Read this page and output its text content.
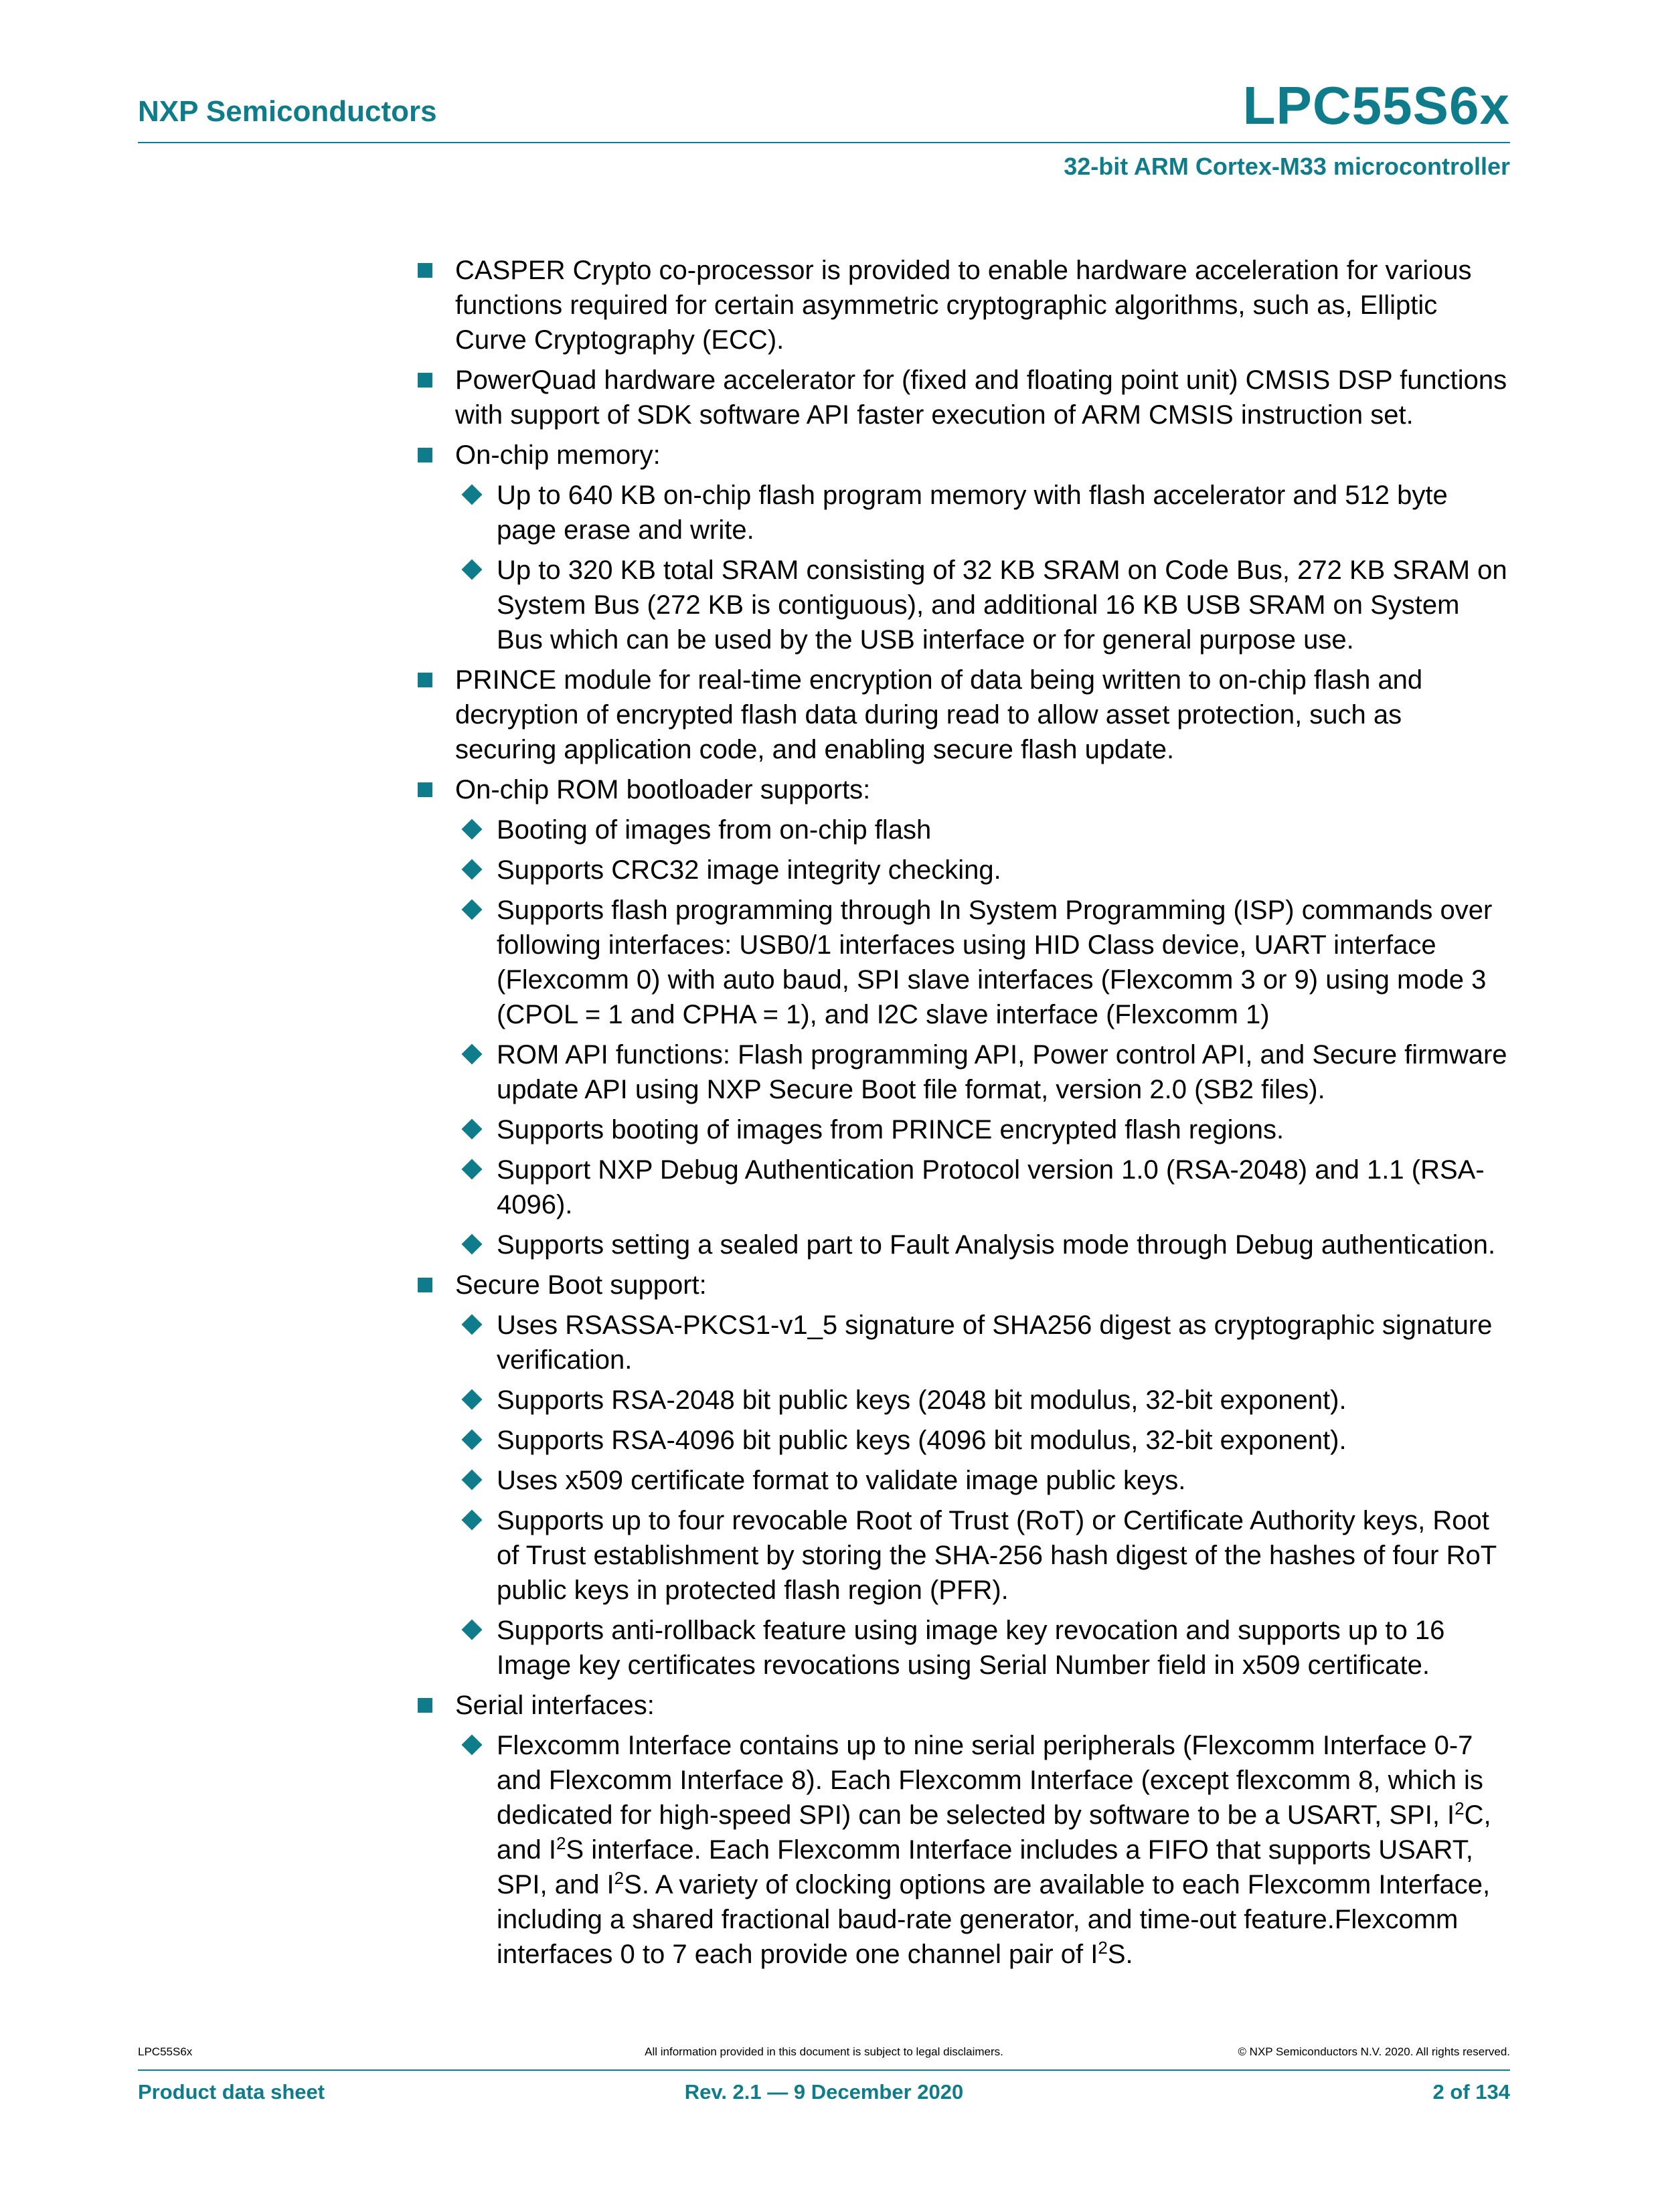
NXP Semiconductors	LPC55S6x
32-bit ARM Cortex-M33 microcontroller
CASPER Crypto co-processor is provided to enable hardware acceleration for various functions required for certain asymmetric cryptographic algorithms, such as, Elliptic Curve Cryptography (ECC).
PowerQuad hardware accelerator for (fixed and floating point unit) CMSIS DSP functions with support of SDK software API faster execution of ARM CMSIS instruction set.
On-chip memory:
Up to 640 KB on-chip flash program memory with flash accelerator and 512 byte page erase and write.
Up to 320 KB total SRAM consisting of 32 KB SRAM on Code Bus, 272 KB SRAM on System Bus (272 KB is contiguous), and additional 16 KB USB SRAM on System Bus which can be used by the USB interface or for general purpose use.
PRINCE module for real-time encryption of data being written to on-chip flash and decryption of encrypted flash data during read to allow asset protection, such as securing application code, and enabling secure flash update.
On-chip ROM bootloader supports:
Booting of images from on-chip flash
Supports CRC32 image integrity checking.
Supports flash programming through In System Programming (ISP) commands over following interfaces: USB0/1 interfaces using HID Class device, UART interface (Flexcomm 0) with auto baud, SPI slave interfaces (Flexcomm 3 or 9) using mode 3 (CPOL = 1 and CPHA = 1), and I2C slave interface (Flexcomm 1)
ROM API functions: Flash programming API, Power control API, and Secure firmware update API using NXP Secure Boot file format, version 2.0 (SB2 files).
Supports booting of images from PRINCE encrypted flash regions.
Support NXP Debug Authentication Protocol version 1.0 (RSA-2048) and 1.1 (RSA-4096).
Supports setting a sealed part to Fault Analysis mode through Debug authentication.
Secure Boot support:
Uses RSASSA-PKCS1-v1_5 signature of SHA256 digest as cryptographic signature verification.
Supports RSA-2048 bit public keys (2048 bit modulus, 32-bit exponent).
Supports RSA-4096 bit public keys (4096 bit modulus, 32-bit exponent).
Uses x509 certificate format to validate image public keys.
Supports up to four revocable Root of Trust (RoT) or Certificate Authority keys, Root of Trust establishment by storing the SHA-256 hash digest of the hashes of four RoT public keys in protected flash region (PFR).
Supports anti-rollback feature using image key revocation and supports up to 16 Image key certificates revocations using Serial Number field in x509 certificate.
Serial interfaces:
Flexcomm Interface contains up to nine serial peripherals (Flexcomm Interface 0-7 and Flexcomm Interface 8). Each Flexcomm Interface (except flexcomm 8, which is dedicated for high-speed SPI) can be selected by software to be a USART, SPI, $I^2C$, and $I^2S$ interface. Each Flexcomm Interface includes a FIFO that supports USART, SPI, and $I^2S$. A variety of clocking options are available to each Flexcomm Interface, including a shared fractional baud-rate generator, and time-out feature.Flexcomm interfaces 0 to 7 each provide one channel pair of $I^2S$.
LPC55S6x	All information provided in this document is subject to legal disclaimers.	© NXP Semiconductors N.V. 2020. All rights reserved.
Product data sheet	Rev. 2.1 — 9 December 2020	2 of 134
